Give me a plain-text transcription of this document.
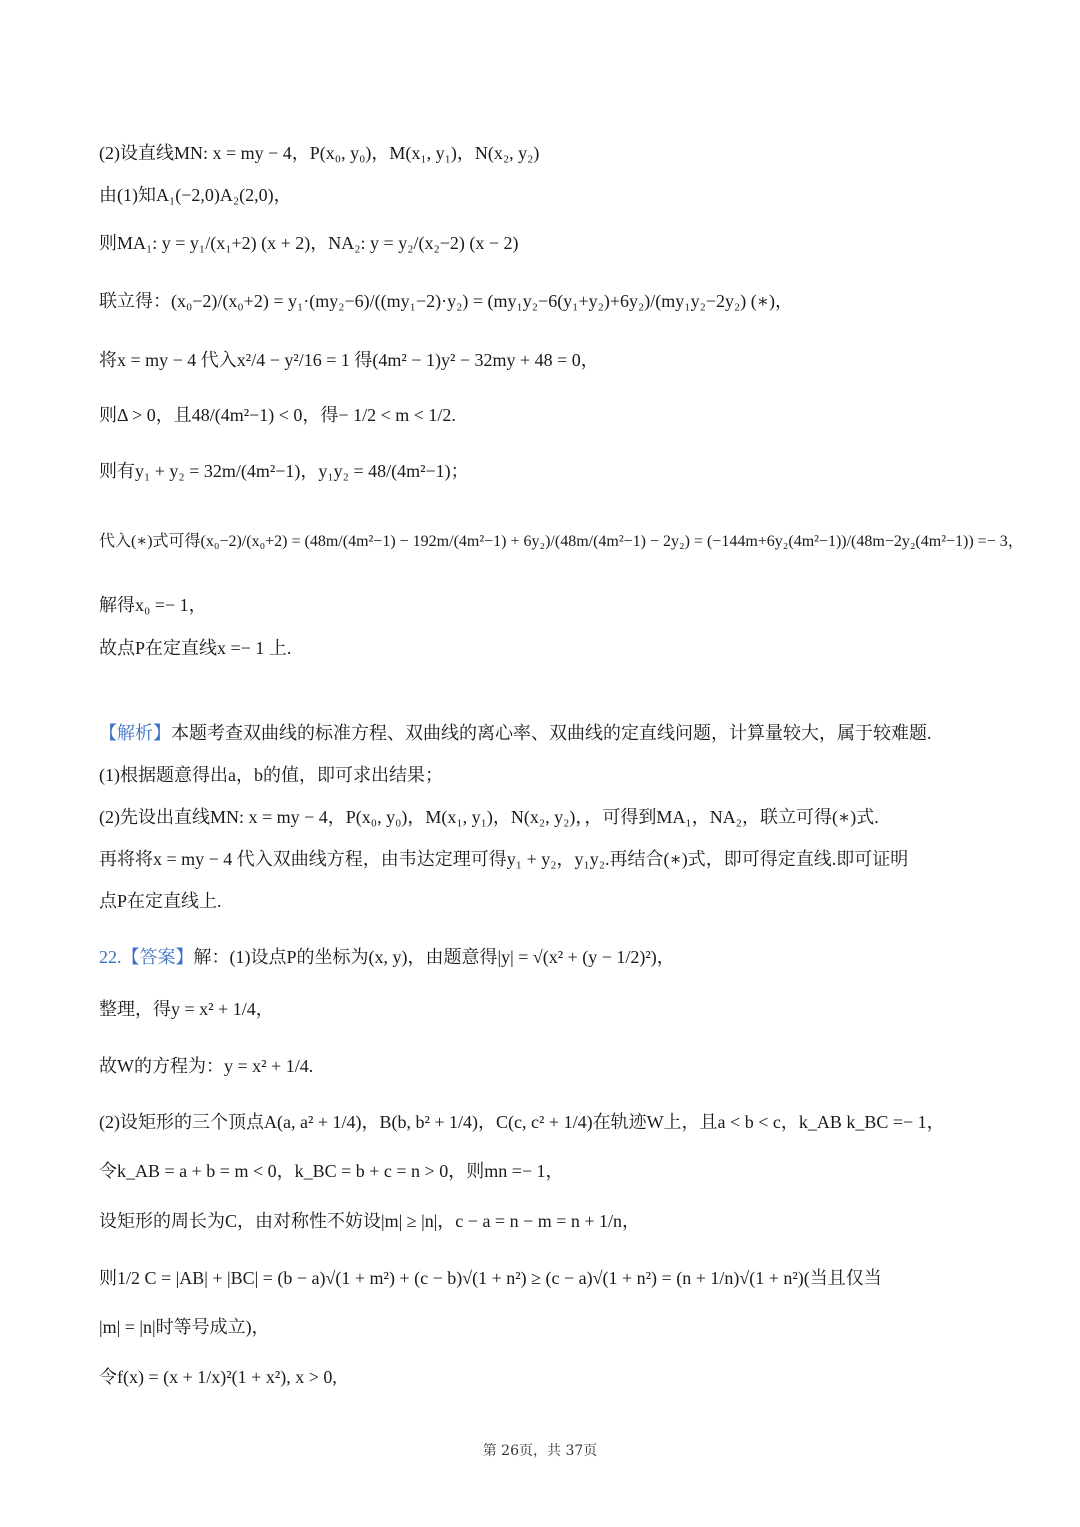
(2)设直线MN: x = my − 4，P(x₀, y₀)，M(x₁, y₁)，N(x₂, y₂)
由(1)知A₁(−2,0)A₂(2,0)，
则MA₁: y = y₁/(x₁+2) (x + 2)，NA₂: y = y₂/(x₂−2) (x − 2)
联立得：(x₀−2)/(x₀+2) = y₁·(my₂−6)/((my₁−2)·y₂) = (my₁y₂−6(y₁+y₂)+6y₂)/(my₁y₂−2y₂) (∗)，
将x = my − 4 代入x²/4 − y²/16 = 1 得(4m² − 1)y² − 32my + 48 = 0，
则Δ > 0，且48/(4m²−1) < 0，得− 1/2 < m < 1/2.
则有y₁ + y₂ = 32m/(4m²−1)，y₁y₂ = 48/(4m²−1)；
代入(∗)式可得(x₀−2)/(x₀+2) = (48m/(4m²−1) − 192m/(4m²−1) + 6y₂)/(48m/(4m²−1) − 2y₂) = (−144m+6y₂(4m²−1))/(48m−2y₂(4m²−1)) =− 3，
解得x₀ =− 1，
故点P在定直线x =− 1 上.
【解析】本题考查双曲线的标准方程、双曲线的离心率、双曲线的定直线问题，计算量较大，属于较难题.
(1)根据题意得出a，b的值，即可求出结果；
(2)先设出直线MN: x = my − 4，P(x₀, y₀)，M(x₁, y₁)，N(x₂, y₂)，，可得到MA₁，NA₂，联立可得(∗)式.
再将将x = my − 4 代入双曲线方程，由韦达定理可得y₁ + y₂，y₁y₂.再结合(∗)式，即可得定直线.即可证明
点P在定直线上.
22.【答案】解：(1)设点P的坐标为(x, y)，由题意得|y| = √(x² + (y − 1/2)²)，
整理，得y = x² + 1/4，
故W的方程为：y = x² + 1/4.
(2)设矩形的三个顶点A(a, a² + 1/4)，B(b, b² + 1/4)，C(c, c² + 1/4)在轨迹W上，且a < b < c，k_AB k_BC =− 1，
令k_AB = a + b = m < 0，k_BC = b + c = n > 0，则mn =− 1，
设矩形的周长为C，由对称性不妨设|m| ≥ |n|，c − a = n − m = n + 1/n，
则1/2 C = |AB| + |BC| = (b − a)√(1 + m²) + (c − b)√(1 + n²) ≥ (c − a)√(1 + n²) = (n + 1/n)√(1 + n²)(当且仅当
|m| = |n|时等号成立)，
令f(x) = (x + 1/x)²(1 + x²), x > 0,
第 26页，共 37页
